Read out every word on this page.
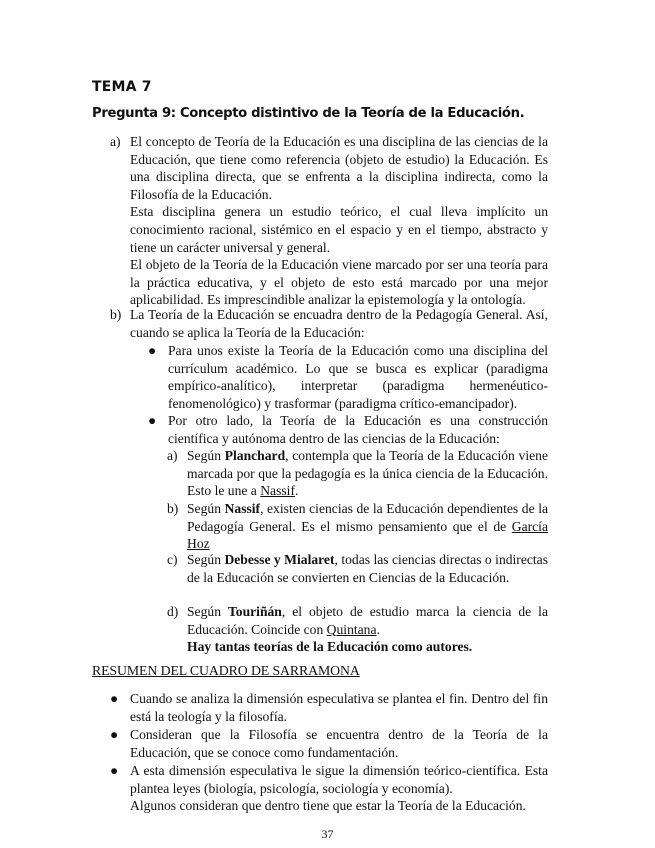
TEMA 7
Pregunta 9: Concepto distintivo de la Teoría de la Educación.
a) El concepto de Teoría de la Educación es una disciplina de las ciencias de la Educación, que tiene como referencia (objeto de estudio) la Educación. Es una disciplina directa, que se enfrenta a la disciplina indirecta, como la Filosofía de la Educación.

Esta disciplina genera un estudio teórico, el cual lleva implícito un conocimiento racional, sistémico en el espacio y en el tiempo, abstracto y tiene un carácter universal y general.

El objeto de la Teoría de la Educación viene marcado por ser una teoría para la práctica educativa, y el objeto de esto está marcado por una mejor aplicabilidad. Es imprescindible analizar la epistemología y la ontología.

b) La Teoría de la Educación se encuadra dentro de la Pedagogía General. Así, cuando se aplica la Teoría de la Educación:

● Para unos existe la Teoría de la Educación como una disciplina del currículum académico. Lo que se busca es explicar (paradigma empírico-analítico), interpretar (paradigma hermenéutico-fenomenológico) y trasformar (paradigma crítico-emancipador).

● Por otro lado, la Teoría de la Educación es una construcción científica y autónoma dentro de las ciencias de la Educación:

a) Según Planchard, contempla que la Teoría de la Educación viene marcada por que la pedagogía es la única ciencia de la Educación. Esto le une a Nassif.

b) Según Nassif, existen ciencias de la Educación dependientes de la Pedagogía General. Es el mismo pensamiento que el de García Hoz

c) Según Debesse y Mialaret, todas las ciencias directas o indirectas de la Educación se convierten en Ciencias de la Educación.

d) Según Touriñán, el objeto de estudio marca la ciencia de la Educación. Coincide con Quintana.

Hay tantas teorías de la Educación como autores.

RESUMEN DEL CUADRO DE SARRAMONA
● Cuando se analiza la dimensión especulativa se plantea el fin. Dentro del fin está la teología y la filosofía.

● Consideran que la Filosofía se encuentra dentro de la Teoría de la Educación, que se conoce como fundamentación.

● A esta dimensión especulativa le sigue la dimensión teórico-científica. Esta plantea leyes (biología, psicología, sociología y economía).

Algunos consideran que dentro tiene que estar la Teoría de la Educación.

37
